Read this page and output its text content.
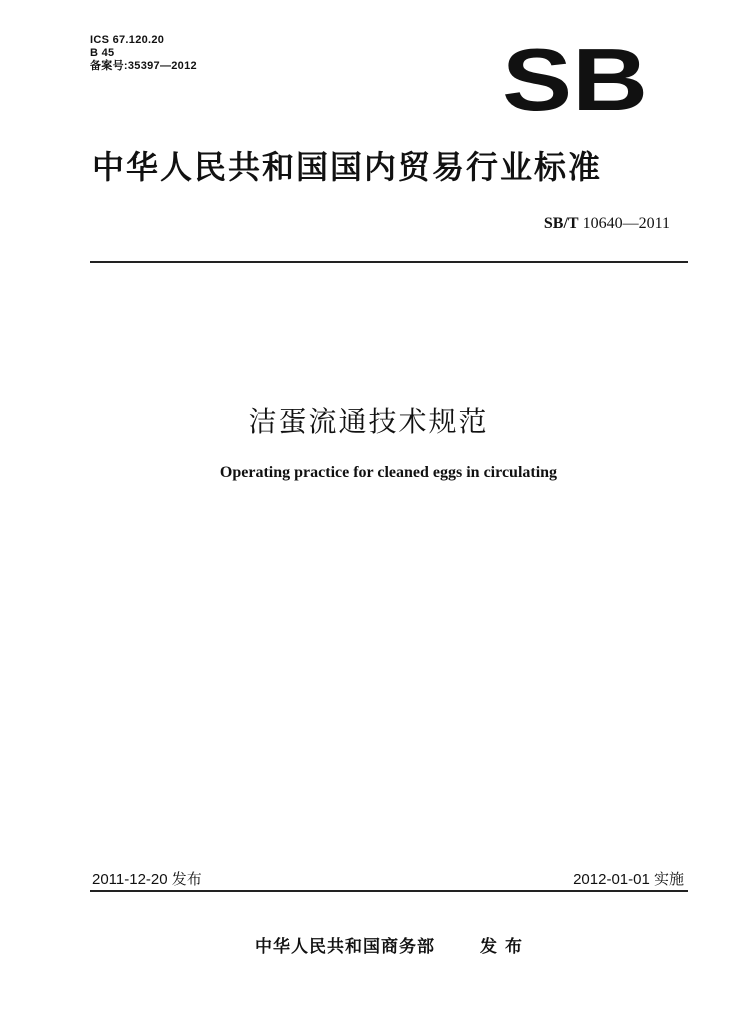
ICS 67.120.20
B 45
备案号:35397—2012	SB
中华人民共和国国内贸易行业标准
SB/T 10640—2011
洁蛋流通技术规范
Operating practice for cleaned eggs in circulating
2011-12-20 发布	2012-01-01 实施
中华人民共和国商务部	发布
